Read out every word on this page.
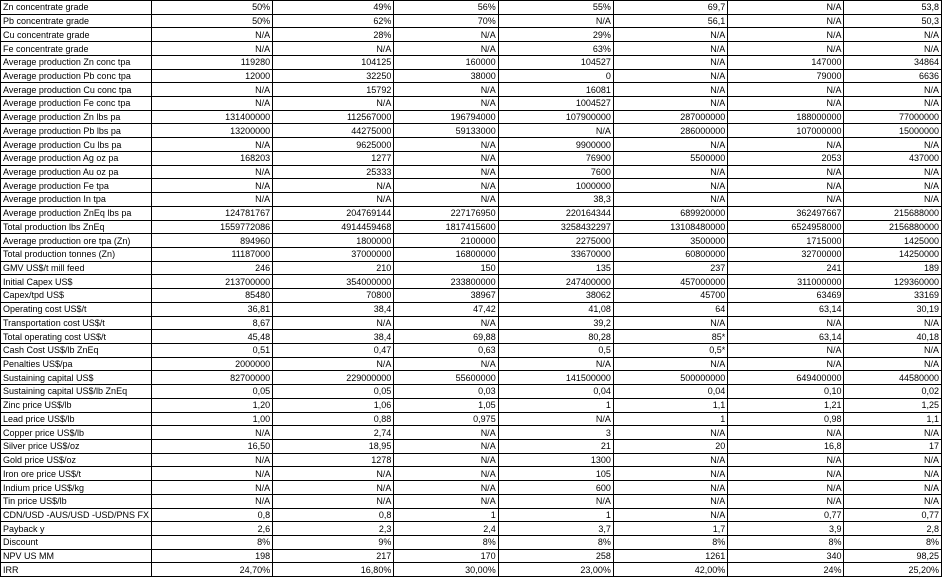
Zn concentrate grade	50%	49%	56%	55%	69,7	N/A	53,8
Pb concentrate grade	50%	62%	70%	N/A	56,1	N/A	50,3
Cu concentrate grade	N/A	28%	N/A	29%	N/A	N/A	N/A
Fe concentrate grade	N/A	N/A	N/A	63%	N/A	N/A	N/A
Average production Zn conc tpa	119280	104125	160000	104527	N/A	147000	34864
Average production Pb conc tpa	12000	32250	38000	0	N/A	79000	6636
Average production Cu conc tpa	N/A	15792	N/A	16081	N/A	N/A	N/A
Average production Fe conc tpa	N/A	N/A	N/A	1004527	N/A	N/A	N/A
Average production Zn lbs pa	131400000	112567000	196794000	107900000	287000000	188000000	77000000
Average production Pb lbs pa	13200000	44275000	59133000	N/A	286000000	107000000	15000000
Average production Cu lbs pa	N/A	9625000	N/A	9900000	N/A	N/A	N/A
Average production Ag oz pa	168203	1277	N/A	76900	5500000	2053	437000
Average production Au oz pa	N/A	25333	N/A	7600	N/A	N/A	N/A
Average production Fe tpa	N/A	N/A	N/A	1000000	N/A	N/A	N/A
Average production In tpa	N/A	N/A	N/A	38,3	N/A	N/A	N/A
Average production ZnEq lbs pa	124781767	204769144	227176950	220164344	689920000	362497667	215688000
Total production lbs ZnEq	1559772086	4914459468	1817415600	3258432297	13108480000	6524958000	2156880000
Average production ore tpa (Zn)	894960	1800000	2100000	2275000	3500000	1715000	1425000
Total production tonnes (Zn)	11187000	37000000	16800000	33670000	60800000	32700000	14250000
GMV US$/t mill feed	246	210	150	135	237	241	189
Initial Capex US$	213700000	354000000	233800000	247400000	457000000	311000000	129360000
Capex/tpd US$	85480	70800	38967	38062	45700	63469	33169
Operating cost US$/t	36,81	38,4	47,42	41,08	64	63,14	30,19
Transportation cost US$/t	8,67	N/A	N/A	39,2	N/A	N/A	N/A
Total operating cost US$/t	45,48	38,4	69,88	80,28	85*	63,14	40,18
Cash Cost US$/lb ZnEq	0,51	0,47	0,63	0,5	0,5*	N/A	N/A
Penalties US$/pa	2000000	N/A	N/A	N/A	N/A	N/A	N/A
Sustaining capital US$	82700000	229000000	55600000	141500000	500000000	649400000	44580000
Sustaining capital US$/lb ZnEq	0,05	0,05	0,03	0,04	0,04	0,10	0,02
Zinc price US$/lb	1,20	1,06	1,05	1	1,1	1,21	1,25
Lead price US$/lb	1,00	0,88	0,975	N/A	1	0,98	1,1
Copper price US$/lb	N/A	2,74	N/A	3	N/A	N/A	N/A
Silver price US$/oz	16,50	18,95	N/A	21	20	16,8	17
Gold price US$/oz	N/A	1278	N/A	1300	N/A	N/A	N/A
Iron ore price US$/t	N/A	N/A	N/A	105	N/A	N/A	N/A
Indium price US$/kg	N/A	N/A	N/A	600	N/A	N/A	N/A
Tin price US$/lb	N/A	N/A	N/A	N/A	N/A	N/A	N/A
CDN/USD -AUS/USD -USD/PNS FX	0,8	0,8	1	1	N/A	0,77	0,77
Payback y	2,6	2,3	2,4	3,7	1,7	3,9	2,8
Discount	8%	9%	8%	8%	8%	8%	8%
NPV US MM	198	217	170	258	1261	340	98,25
IRR	24,70%	16,80%	30,00%	23,00%	42,00%	24%	25,20%
